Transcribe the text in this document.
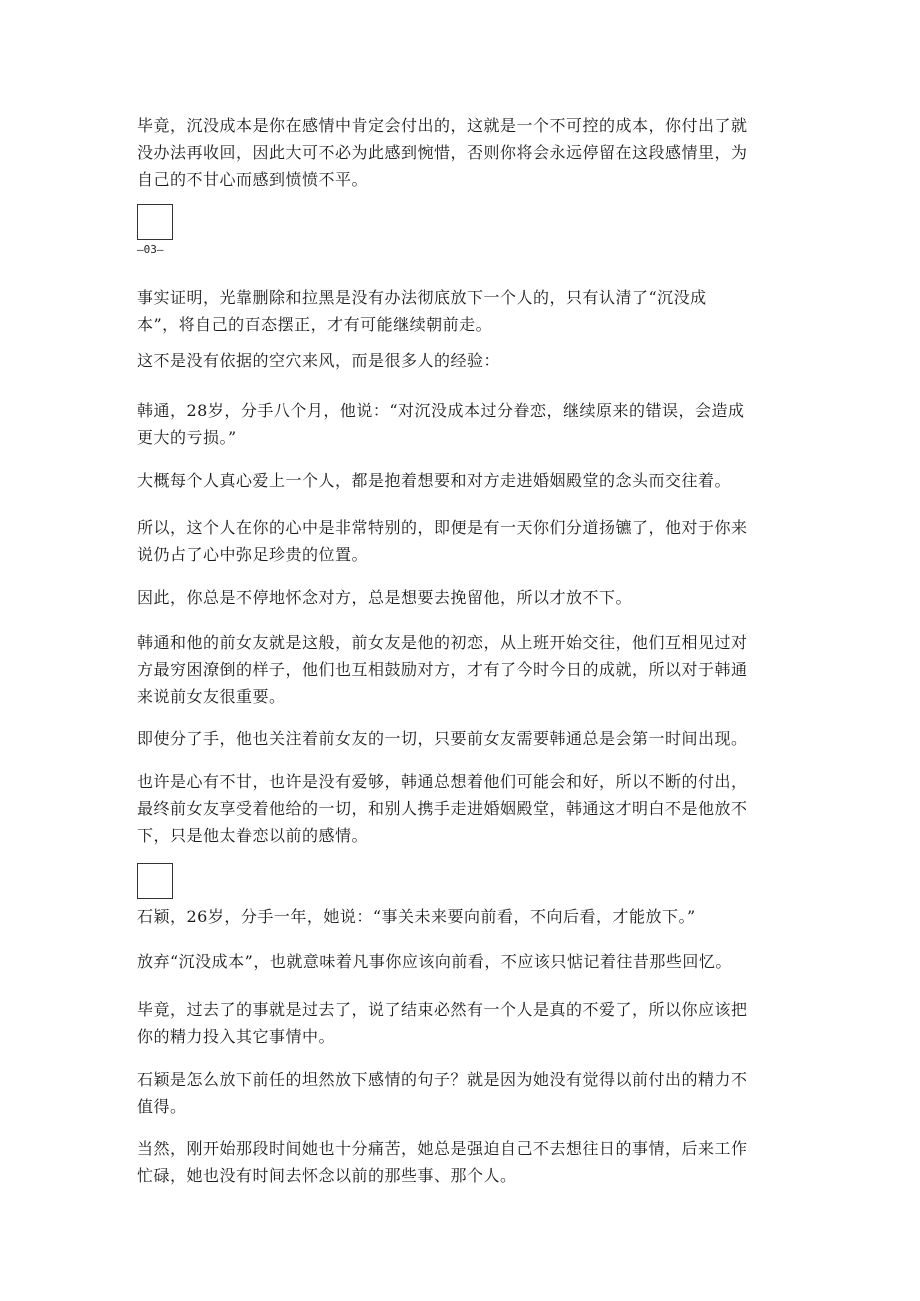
毕竟，沉没成本是你在感情中肯定会付出的，这就是一个不可控的成本，你付出了就
没办法再收回，因此大可不必为此感到惋惜，否则你将会永远停留在这段感情里，为
自己的不甘心而感到愤愤不平。

—03—

事实证明，光靠删除和拉黑是没有办法彻底放下一个人的，只有认清了“沉没成
本”，将自己的百态摆正，才有可能继续朝前走。

这不是没有依据的空穴来风，而是很多人的经验：

韩通，28岁，分手八个月，他说：“对沉没成本过分眷恋，继续原来的错误，会造成
更大的亏损。”

大概每个人真心爱上一个人，都是抱着想要和对方走进婚姻殿堂的念头而交往着。

所以，这个人在你的心中是非常特别的，即便是有一天你们分道扬镳了，他对于你来
说仍占了心中弥足珍贵的位置。

因此，你总是不停地怀念对方，总是想要去挽留他，所以才放不下。

韩通和他的前女友就是这般，前女友是他的初恋，从上班开始交往，他们互相见过对
方最穷困潦倒的样子，他们也互相鼓励对方，才有了今时今日的成就，所以对于韩通
来说前女友很重要。

即使分了手，他也关注着前女友的一切，只要前女友需要韩通总是会第一时间出现。

也许是心有不甘，也许是没有爱够，韩通总想着他们可能会和好，所以不断的付出，
最终前女友享受着他给的一切，和别人携手走进婚姻殿堂，韩通这才明白不是他放不
下，只是他太眷恋以前的感情。

石颖，26岁，分手一年，她说：“事关未来要向前看，不向后看，才能放下。”

放弃“沉没成本”，也就意味着凡事你应该向前看，不应该只惦记着往昔那些回忆。

毕竟，过去了的事就是过去了，说了结束必然有一个人是真的不爱了，所以你应该把
你的精力投入其它事情中。

石颖是怎么放下前任的坦然放下感情的句子？就是因为她没有觉得以前付出的精力不
值得。

当然，刚开始那段时间她也十分痛苦，她总是强迫自己不去想往日的事情，后来工作
忙碌，她也没有时间去怀念以前的那些事、那个人。
